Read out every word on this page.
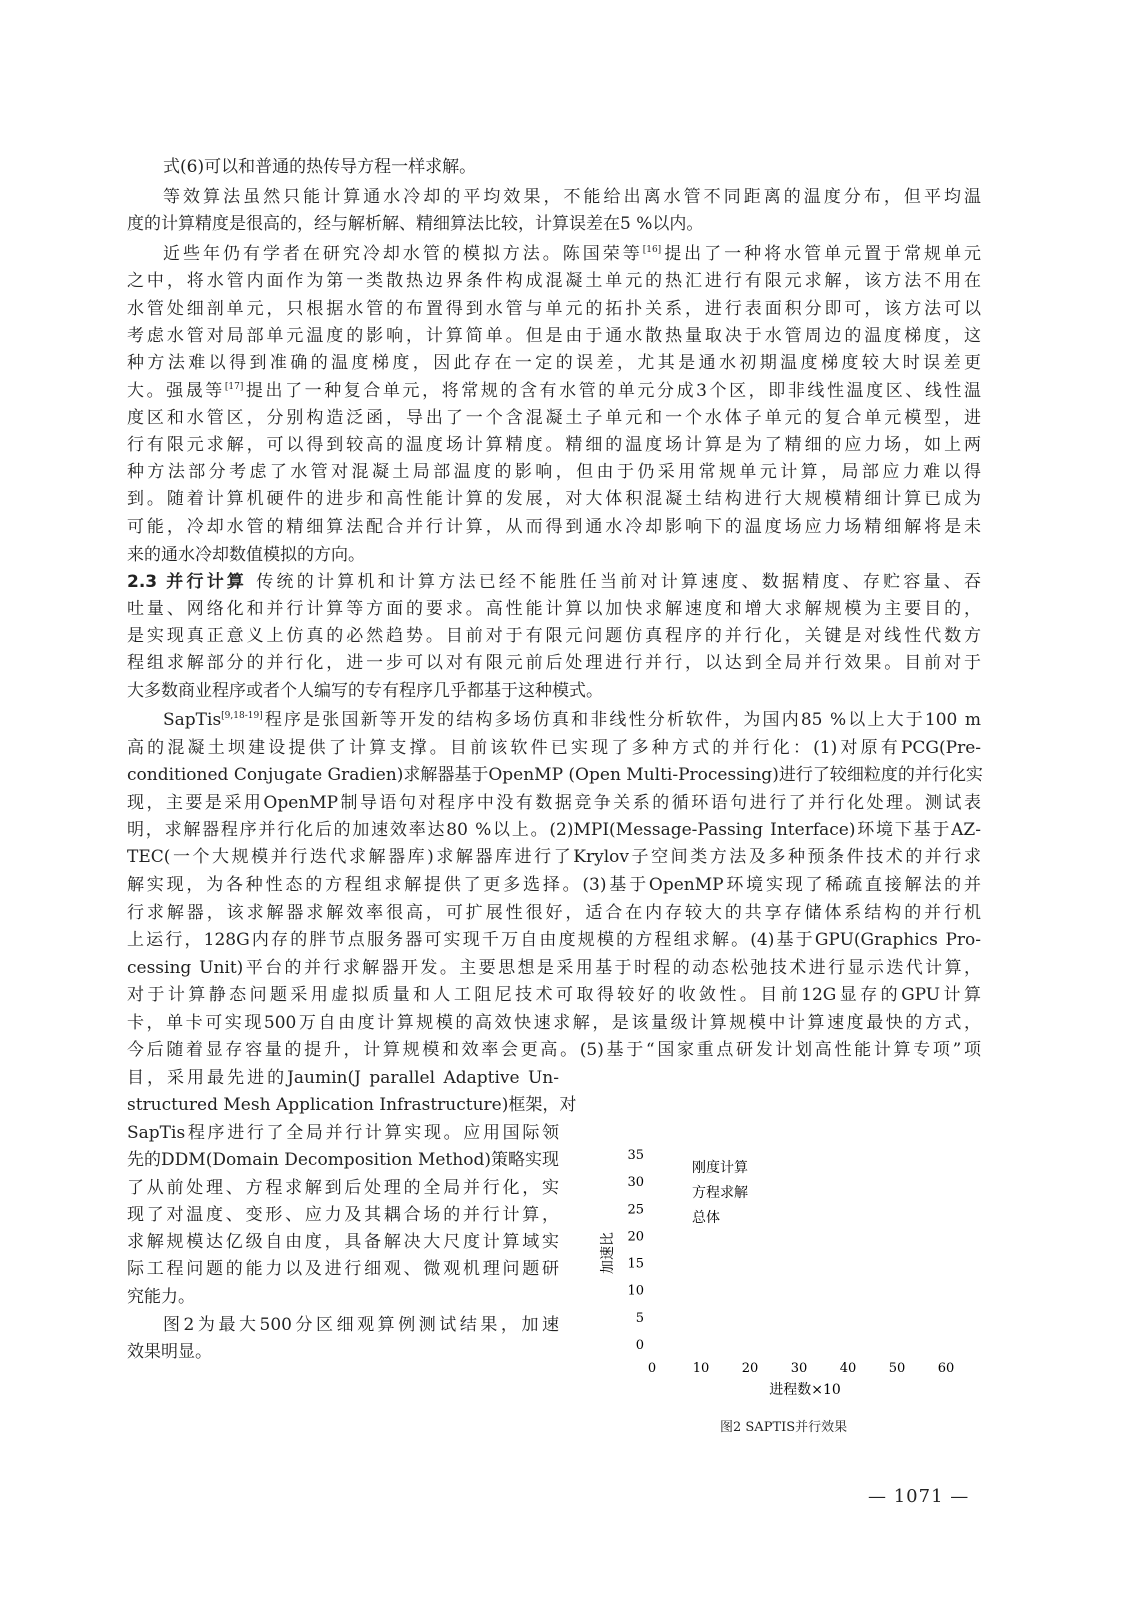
式(6)可以和普通的热传导方程一样求解。

等效算法虽然只能计算通水冷却的平均效果，不能给出离水管不同距离的温度分布，但平均温

度的计算精度是很高的，经与解析解、精细算法比较，计算误差在5 %以内。

近些年仍有学者在研究冷却水管的模拟方法。陈国荣等[16]提出了一种将水管单元置于常规单元

之中，将水管内面作为第一类散热边界条件构成混凝土单元的热汇进行有限元求解，该方法不用在

水管处细剖单元，只根据水管的布置得到水管与单元的拓扑关系，进行表面积分即可，该方法可以

考虑水管对局部单元温度的影响，计算简单。但是由于通水散热量取决于水管周边的温度梯度，这

种方法难以得到准确的温度梯度，因此存在一定的误差，尤其是通水初期温度梯度较大时误差更

大。强晟等[17]提出了一种复合单元，将常规的含有水管的单元分成3个区，即非线性温度区、线性温

度区和水管区，分别构造泛函，导出了一个含混凝土子单元和一个水体子单元的复合单元模型，进

行有限元求解，可以得到较高的温度场计算精度。精细的温度场计算是为了精细的应力场，如上两

种方法部分考虑了水管对混凝土局部温度的影响，但由于仍采用常规单元计算，局部应力难以得

到。随着计算机硬件的进步和高性能计算的发展，对大体积混凝土结构进行大规模精细计算已成为

可能，冷却水管的精细算法配合并行计算，从而得到通水冷却影响下的温度场应力场精细解将是未

来的通水冷却数值模拟的方向。

2.3 并行计算 传统的计算机和计算方法已经不能胜任当前对计算速度、数据精度、存贮容量、吞

吐量、网络化和并行计算等方面的要求。高性能计算以加快求解速度和增大求解规模为主要目的，

是实现真正意义上仿真的必然趋势。目前对于有限元问题仿真程序的并行化，关键是对线性代数方

程组求解部分的并行化，进一步可以对有限元前后处理进行并行，以达到全局并行效果。目前对于

大多数商业程序或者个人编写的专有程序几乎都基于这种模式。

SapTis[9,18-19]程序是张国新等开发的结构多场仿真和非线性分析软件，为国内85 %以上大于100 m

高的混凝土坝建设提供了计算支撑。目前该软件已实现了多种方式的并行化：(1)对原有PCG(Pre-

conditioned Conjugate Gradien)求解器基于OpenMP (Open Multi-Processing)进行了较细粒度的并行化实

现，主要是采用OpenMP制导语句对程序中没有数据竞争关系的循环语句进行了并行化处理。测试表

明，求解器程序并行化后的加速效率达80 %以上。(2)MPI(Message-Passing Interface)环境下基于AZ-

TEC(一个大规模并行迭代求解器库)求解器库进行了Krylov子空间类方法及多种预条件技术的并行求

解实现，为各种性态的方程组求解提供了更多选择。(3)基于OpenMP环境实现了稀疏直接解法的并

行求解器，该求解器求解效率很高，可扩展性很好，适合在内存较大的共享存储体系结构的并行机

上运行，128G内存的胖节点服务器可实现千万自由度规模的方程组求解。(4)基于GPU(Graphics Pro-

cessing Unit)平台的并行求解器开发。主要思想是采用基于时程的动态松弛技术进行显示迭代计算，

对于计算静态问题采用虚拟质量和人工阻尼技术可取得较好的收敛性。目前12G显存的GPU计算

卡，单卡可实现500万自由度计算规模的高效快速求解，是该量级计算规模中计算速度最快的方式，

今后随着显存容量的提升，计算规模和效率会更高。(5)基于“国家重点研发计划高性能计算专项”项

目，采用最先进的Jaumin(J parallel Adaptive Un-

structured Mesh Application Infrastructure)框架，对

SapTis程序进行了全局并行计算实现。应用国际领

先的DDM(Domain Decomposition Method)策略实现

了从前处理、方程求解到后处理的全局并行化，实

现了对温度、变形、应力及其耦合场的并行计算，

求解规模达亿级自由度，具备解决大尺度计算域实

际工程问题的能力以及进行细观、微观机理问题研

究能力。

图2为最大500分区细观算例测试结果，加速

效果明显。	0
5
10
15
20
25
30
35
0	10 20 30 40 50 60
加速比
进程数×10
刚度计算
方程求解
总体
图2 SAPTIS并行效果
— 1071 —
